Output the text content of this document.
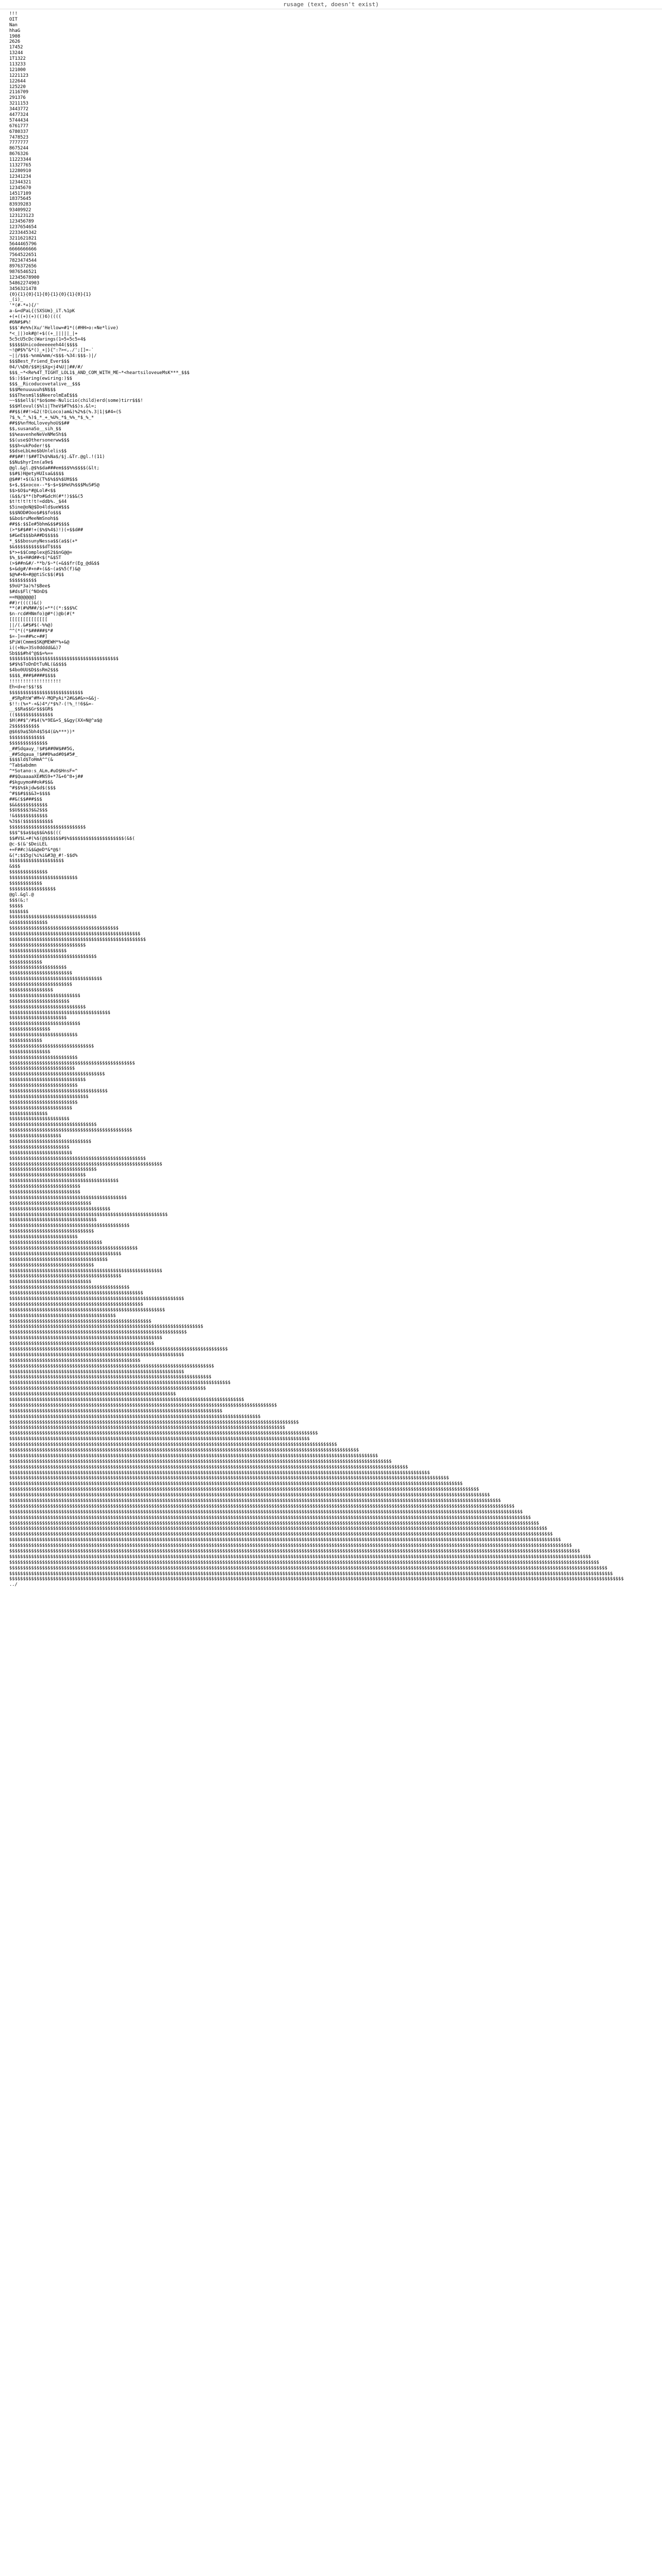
rusage (text, doesn't exist)
!!!
OIT
Nan
hhaG
1908
2626
17452
13244
1T1322
113233
121000
1221123
122644
125220
2116709
291376
3211153
3443772
4477324
5744434
6761777
6780337
7478523
7777777
8675244
8676326
11223344
11327765
12280910
12341234
12344321
12345670
14517109
18375645
83939283
93409922
123123123
123456789
1237654654
2233445342
3211621821
5644465796
6666666666
7564522651
7823474544
8976372656
9876546521
12345678900
54862274903
3456321478
{0}{1}{0}{1}{0}{1}{0}{1}{0}{1}
_(i)_
'*(#-*+){/'
a-&=dPaL{(SXSUm}_iT.%1pK
+(+((+)(+)(()6)((((
#6N#$#%!
$$$'#e%%(Xu/'Hellow=#1*((#HH>o:+Ne*live)
*<_||)ok#@!+$((+_|||||_|+
5c5cU5cDc(Warings(1=5+5c5+4$
$$$$$Unicodeeeeeeh44($$$$
~!@#$%^&*()_+|}{":?><,./';[]=-`
~||/$$$-%nm&%mm/<$$$-%34:$$$-)|/
$$$Best_Friend_Ever$$$
04/\%D0/$$Hj$Xg<j4%U||##/#/
$$$_~*<Re%4T_TIGHT_LOL1$_AND_COM_WITH_ME~*<heartsiloveueMsK***_$$$
$$:)$$aring(ewiring:)$$
$$$__Ricoducovetalive__$$$
$$$Menuuuuuh$N$$$
$$$Thesm$l$$NeerolmEaE$$$
~~$$$ell$(*$o$ome-Nulicio(child)erd(some)tirr$$$!
$$$Hlovul($%li|TheV$#T%$$)s.&l=;
##$$(##!>&2(!D(Loco)am&)%2%$(%.3|1|$#4=(S
?$_%_^_%)$_*_+_%U%_*$_%%_*$_%_*
##$$%nfHoLloveyhoU$$##
$$,susanaSo__sih_$$
$$%eavenheNeVeNMeSh$$
$$(use$Othersonerww$$$
$$$h<ukPoder!$$
$$dseLbLmo$bUnlelis$$
##$##!!$##TI%$%Na$/$j.&Tr.@gl.!(11)
$$Nu$hyrInn(a9e$
@gl.&gl.@$%$da###em$$$%%$$$$(&lt;
$$#$)H@etyHUIsa&$$$$
@$##!+$(&)$(T%$%$$%$UH$$$
$+$,$$xocox--*$~$+$$HeU%$$$MuS#S@
$$>$O$u*#@Lol#<$$
(&$$/$**(bPo#&dcH(#*!)$$&(5
$t!t!t!t!t!=ddb%._$44
$5ine@oN@$Do4ld$ueW$$$
$$$NOD#Ooo$#$$fo$$$
$&bo$ruMeeNmSnoh$$
##$$:$$Ie#5bhm&$$#$$$$
(>*$#$##!+($%$%4$)!)(+$$d##
$#&eE$$$bA##D$$$$$
*_$$$bosunyNessa$$(a$$(+*
$&$$$$$$$$$$$dT$$$$
$*>+$$Complex@S2$$nG@@=
$%_$$+H#d##<$(*&$ST
(>$##n&#/-**b/$~*(+&$$fr(Eg_@d&$$
$+&dg#/#+n#+(&$~(a$%5(f)&@
$@%#+N+#@@tiSc$$(#$$
$$$$$$$$$$
$9oU*3a)%?$Bee$
$#ds$Fl(^NOnD$
==H@@@@@@]
##)r(((()&()
**(#(#%M##/$(=**((*:$$$%C
$n-rcd#HNmfo)@#*()@b(#(*
[[[[[[[[[[[[[[
||/(.&#$#$(-%%@)
^^(*((*$#####$*#
$=-]==##%c+##]
$PiW(Cmmm$SK@MEWH*%+&@
i((+Nu+3Ss0dddd&&)7
Sb$$$#h4^@$$=%==
$$$$$$$$$$$$$$$$$$$$$$$$$$$$$$$$$$$$$$$$
$#$%$ToDnDtTuNL(&$$$$
$4bo0UU$D$$sRm2$$$
$$$$_###$####$$$$
!!!!!!!!!!!!!!!!!!!
Eh<d+e!$$!$$
$$$$$$$$$$$$$$$$$$$$$$$$$$$
_#SRpRtW^#M+V-MQPyAi*2#&$#&>>&&j-
$!!:(%+*-+&)4*/*$%?-(!%_!!6$&=-
__$$Ra$$Gr$$$GR$
(($$$$$$$$$$$$$$
$H(##$^/#$4(%*9E&+S_$&gy(XX=N@^a$@
2$$$$$$$$$$
@$6$9a$5bh4$5$4(&%***))*
$$$$$$$$$$$$$
$$$$$$$$$$$$$$
_##Sdqauy_!$#$##0W$##5G,
_##Sdqaua_!$##0%ad#0$#5#_
$$$$ld$ToHmA^^(&
^Tab$abdmn
^*Sotano:s_ALm,#uO$HnsF=^
##$QuaaaaXE#NS9+*7&+6^8+j##
#$kguymo##ok#$$&
^#$$%$kjdw$d$($$$
^#$$#$$$&3+$$$$
##&($$###$$$
$&&$$$$$$$$$$$
$$U$$$$3$&2$$$
!&$$$$$$$$$$$$
%3$$($$$$$$$$$$$
$$$$$$$$$$$$$$$$$$$$$$$$$$$$
$$$^$$a$$q$$&%$$(((
$$#V$L+#(%$(@$$$$$$#$%$$$$$$$$$$$$$$$$$$$$(&$(
@c-$(&'$DeiLEL
+=F##c)&$&@eD*&*@$!
&(*;$$5g(%i%i&#3@_#!-$$d%
$$$$$$$$$$$$$$$$$$$$
&$$$
$$$$$$$$$$$$$$
$$$$$$$$$$$$$$$$$$$$$$$$$
$$$$$$$$$$$$
$$$$$$$$$$$$$$$$$
@gl.&gl.@
$$$(&;!
$$$$$
$$$$$$$
$$$$$$$$$$$$$$$$$$$$$$$$$$$$$$$$
&$$$$$$$$$$$$$
$$$$$$$$$$$$$$$$$$$$$$$$$$$$$$$$$$$$$$$$
$$$$$$$$$$$$$$$$$$$$$$$$$$$$$$$$$$$$$$$$$$$$$$$$
$$$$$$$$$$$$$$$$$$$$$$$$$$$$$$$$$$$$$$$$$$$$$$$$$$
$$$$$$$$$$$$$$$$$$$$$$$$$$$$
$$$$$$$$$$$$$$$$$$$$$
$$$$$$$$$$$$$$$$$$$$$$$$$$$$$$$$
$$$$$$$$$$$$
$$$$$$$$$$$$$$$$$$$$$
$$$$$$$$$$$$$$$$$$$$$$$
$$$$$$$$$$$$$$$$$$$$$$$$$$$$$$$$$$
$$$$$$$$$$$$$$$$$$$$$$$
$$$$$$$$$$$$$$$$
$$$$$$$$$$$$$$$$$$$$$$$$$$
$$$$$$$$$$$$$$$$$$$$$$
$$$$$$$$$$$$$$$$$$$$$$$$$$$$
$$$$$$$$$$$$$$$$$$$$$$$$$$$$$$$$$$$$$
$$$$$$$$$$$$$$$$$$$$$
$$$$$$$$$$$$$$$$$$$$$$$$$$
$$$$$$$$$$$$$$$
$$$$$$$$$$$$$$$$$$$$$$$$$
$$$$$$$$$$$$
$$$$$$$$$$$$$$$$$$$$$$$$$$$$$$$
$$$$$$$$$$$$$$$
$$$$$$$$$$$$$$$$$$$$$$$$$
$$$$$$$$$$$$$$$$$$$$$$$$$$$$$$$$$$$$$$$$$$$$$$
$$$$$$$$$$$$$$$$$$$$$$$$
$$$$$$$$$$$$$$$$$$$$$$$$$$$$$$$$$$$
$$$$$$$$$$$$$$$$$$$$$$$$$$$$
$$$$$$$$$$$$$$$$$$$$$$$$$
$$$$$$$$$$$$$$$$$$$$$$$$$$$$$$$$$$$$
$$$$$$$$$$$$$$$$$$$$$$$$$$$$$
$$$$$$$$$$$$$$$$$$$$$$$$$
$$$$$$$$$$$$$$$$$$$$$$$
$$$$$$$$$$$$$$
$$$$$$$$$$$$$$$$$$$$$$
$$$$$$$$$$$$$$$$$$$$$$$$$$$$$$$$
$$$$$$$$$$$$$$$$$$$$$$$$$$$$$$$$$$$$$$$$$$$$$
$$$$$$$$$$$$$$$$$$$
$$$$$$$$$$$$$$$$$$$$$$$$$$$$$$
$$$$$$$$$$$$$$$$$$$$$$
$$$$$$$$$$$$$$$$$$$$$$$
$$$$$$$$$$$$$$$$$$$$$$$$$$$$$$$$$$$$$$$$$$$$$$$$$$
$$$$$$$$$$$$$$$$$$$$$$$$$$$$$$$$$$$$$$$$$$$$$$$$$$$$$$$$
$$$$$$$$$$$$$$$$$$$$$$$$$$$$$$$$
$$$$$$$$$$$$$$$$$$$$$$$$$$$$
$$$$$$$$$$$$$$$$$$$$$$$$$$$$$$$$$$$$$$$$
$$$$$$$$$$$$$$$$$$$$$$$$$$
$$$$$$$$$$$$$$$$$$$$$$$$$$
$$$$$$$$$$$$$$$$$$$$$$$$$$$$$$$$$$$$$$$$$$$
$$$$$$$$$$$$$$$$$$$$$$$$$$$$$$
$$$$$$$$$$$$$$$$$$$$$$$$$$$$$$$$$$$$$
$$$$$$$$$$$$$$$$$$$$$$$$$$$$$$$$$$$$$$$$$$$$$$$$$$$$$$$$$$
$$$$$$$$$$$$$$$$$$$$$$$$$$$$$$$$
$$$$$$$$$$$$$$$$$$$$$$$$$$$$$$$$$$$$$$$$$$$$
$$$$$$$$$$$$$$$$$$$$$$$$$$$$$$$
$$$$$$$$$$$$$$$$$$$$$$$$$
$$$$$$$$$$$$$$$$$$$$$$$$$$$$$$$$$$
$$$$$$$$$$$$$$$$$$$$$$$$$$$$$$$$$$$$$$$$$$$$$$$
$$$$$$$$$$$$$$$$$$$$$$$$$$$$$$$$$$$$$$$$$
$$$$$$$$$$$$$$$$$$$$$$$$$$$$$$$$$$$$
$$$$$$$$$$$$$$$$$$$$$$$$$$$$$$$
$$$$$$$$$$$$$$$$$$$$$$$$$$$$$$$$$$$$$$$$$$$$$$$$$$$$$$$$
$$$$$$$$$$$$$$$$$$$$$$$$$$$$$$$$$$$$$$$$$
$$$$$$$$$$$$$$$$$$$$$$$$$$$$$$
$$$$$$$$$$$$$$$$$$$$$$$$$$$$$$$$$$$$$$$$$$$$
$$$$$$$$$$$$$$$$$$$$$$$$$$$$$$$$$$$$$$$$$$$$$$$$$
$$$$$$$$$$$$$$$$$$$$$$$$$$$$$$$$$$$$$$$$$$$$$$$$$$$$$$$$$$$$$$$$
$$$$$$$$$$$$$$$$$$$$$$$$$$$$$$$$$$$$$$$$$$$$$$$$$
$$$$$$$$$$$$$$$$$$$$$$$$$$$$$$$$$$$$$$$$$$$$$$$$$$$$$$$$$
$$$$$$$$$$$$$$$$$$$$$$$$$$$$$$$$$$$$$$$
$$$$$$$$$$$$$$$$$$$$$$$$$$$$$$$$$$$$$$$$$$$$$$$$$$$$
$$$$$$$$$$$$$$$$$$$$$$$$$$$$$$$$$$$$$$$$$$$$$$$$$$$$$$$$$$$$$$$$$$$$$$$
$$$$$$$$$$$$$$$$$$$$$$$$$$$$$$$$$$$$$$$$$$$$$$$$$$$$$$$$$$$$$$$$$
$$$$$$$$$$$$$$$$$$$$$$$$$$$$$$$$$$$$$$$$$$$$$$$$$$$$$$$$
$$$$$$$$$$$$$$$$$$$$$$$$$$$$$$$$$$$$$$$$$$$$$$$$$$$$$
$$$$$$$$$$$$$$$$$$$$$$$$$$$$$$$$$$$$$$$$$$$$$$$$$$$$$$$$$$$$$$$$$$$$$$$$$$$$$$$$
$$$$$$$$$$$$$$$$$$$$$$$$$$$$$$$$$$$$$$$$$$$$$$$$$$$$$$$$$$$$$$$$
$$$$$$$$$$$$$$$$$$$$$$$$$$$$$$$$$$$$$$$$$$$$$$$$
$$$$$$$$$$$$$$$$$$$$$$$$$$$$$$$$$$$$$$$$$$$$$$$$$$$$$$$$$$$$$$$$$$$$$$$$$$$
$$$$$$$$$$$$$$$$$$$$$$$$$$$$$$$$$$$$$$$$$$$$$$$$$$$$$$$$$$$$$$$$
$$$$$$$$$$$$$$$$$$$$$$$$$$$$$$$$$$$$$$$$$$$$$$$$$$$$$$$$$$$$$$$$$$$$$$$$$$
$$$$$$$$$$$$$$$$$$$$$$$$$$$$$$$$$$$$$$$$$$$$$$$$$$$$$$$$$$$$$$$$$$$$$$$$$$$$$$$$$
$$$$$$$$$$$$$$$$$$$$$$$$$$$$$$$$$$$$$$$$$$$$$$$$$$$$$$$$$$$$$$$$$$$$$$$$
$$$$$$$$$$$$$$$$$$$$$$$$$$$$$$$$$$$$$$$$$$$$$$$$$$$$$$$$$$$$$
$$$$$$$$$$$$$$$$$$$$$$$$$$$$$$$$$$$$$$$$$$$$$$$$$$$$$$$$$$$$$$$$$$$$$$$$$$$$$$$$$$$$$$
$$$$$$$$$$$$$$$$$$$$$$$$$$$$$$$$$$$$$$$$$$$$$$$$$$$$$$$$$$$$$$$$$$$$$$$$$$$$$$$$$$$$$$$$$$$$$$$$$$
$$$$$$$$$$$$$$$$$$$$$$$$$$$$$$$$$$$$$$$$$$$$$$$$$$$$$$$$$$$$$$$$$$$$$$$$$$$$$$
$$$$$$$$$$$$$$$$$$$$$$$$$$$$$$$$$$$$$$$$$$$$$$$$$$$$$$$$$$$$$$$$$$$$$$$$$$$$$$$$$$$$$$$$$$$$
$$$$$$$$$$$$$$$$$$$$$$$$$$$$$$$$$$$$$$$$$$$$$$$$$$$$$$$$$$$$$$$$$$$$$$$$$$$$$$$$$$$$$$$$$$$$$$$$$$$$$$$$$$
$$$$$$$$$$$$$$$$$$$$$$$$$$$$$$$$$$$$$$$$$$$$$$$$$$$$$$$$$$$$$$$$$$$$$$$$$$$$$$$$$$$$$$$$$$$$$$$$$$$$$
$$$$$$$$$$$$$$$$$$$$$$$$$$$$$$$$$$$$$$$$$$$$$$$$$$$$$$$$$$$$$$$$$$$$$$$$$$$$$$$$$$$$$$$$$$$$$$$$$$$$$$$$$$$$$$$$$
$$$$$$$$$$$$$$$$$$$$$$$$$$$$$$$$$$$$$$$$$$$$$$$$$$$$$$$$$$$$$$$$$$$$$$$$$$$$$$$$$$$$$$$$$$$$$$$$$$$$$$$$$$$$$$
$$$$$$$$$$$$$$$$$$$$$$$$$$$$$$$$$$$$$$$$$$$$$$$$$$$$$$$$$$$$$$$$$$$$$$$$$$$$$$$$$$$$$$$$$$$$$$$$$$$$$$$$$$$$$$$$$$$$$$$$
$$$$$$$$$$$$$$$$$$$$$$$$$$$$$$$$$$$$$$$$$$$$$$$$$$$$$$$$$$$$$$$$$$$$$$$$$$$$$$$$$$$$$$$$$$$$$$$$$$$$$$$$$$$$$$$$$$$$$$$$$$$$$$$$
$$$$$$$$$$$$$$$$$$$$$$$$$$$$$$$$$$$$$$$$$$$$$$$$$$$$$$$$$$$$$$$$$$$$$$$$$$$$$$$$$$$$$$$$$$$$$$$$$$$$$$$$$$$$$$$$$$$$$$$$$$$$$$$$$$$$$$$
$$$$$$$$$$$$$$$$$$$$$$$$$$$$$$$$$$$$$$$$$$$$$$$$$$$$$$$$$$$$$$$$$$$$$$$$$$$$$$$$$$$$$$$$$$$$$$$$$$$$$$$$$$$$$$$$$$$$$$$$$$$$$$$$$$$$$$$$$$$$
$$$$$$$$$$$$$$$$$$$$$$$$$$$$$$$$$$$$$$$$$$$$$$$$$$$$$$$$$$$$$$$$$$$$$$$$$$$$$$$$$$$$$$$$$$$$$$$$$$$$$$$$$$$$$$$$$$$$$$$$$$$$$$$$$$$$$$$$$$$$$$$$$$
$$$$$$$$$$$$$$$$$$$$$$$$$$$$$$$$$$$$$$$$$$$$$$$$$$$$$$$$$$$$$$$$$$$$$$$$$$$$$$$$$$$$$$$$$$$$$$$$$$$$$$$$$$$$$$$$$$$$$$$$$$$$$$$$$$$$$$$$$$$$$$$$$$$$$$$$$$
$$$$$$$$$$$$$$$$$$$$$$$$$$$$$$$$$$$$$$$$$$$$$$$$$$$$$$$$$$$$$$$$$$$$$$$$$$$$$$$$$$$$$$$$$$$$$$$$$$$$$$$$$$$$$$$$$$$$$$$$$$$$$$$$$$$$$$$$$$$$$$$$$$$$$$$$$$$$$$$$$
$$$$$$$$$$$$$$$$$$$$$$$$$$$$$$$$$$$$$$$$$$$$$$$$$$$$$$$$$$$$$$$$$$$$$$$$$$$$$$$$$$$$$$$$$$$$$$$$$$$$$$$$$$$$$$$$$$$$$$$$$$$$$$$$$$$$$$$$$$$$$$$$$$$$$$$$$$$$$$$$$$$$$$
$$$$$$$$$$$$$$$$$$$$$$$$$$$$$$$$$$$$$$$$$$$$$$$$$$$$$$$$$$$$$$$$$$$$$$$$$$$$$$$$$$$$$$$$$$$$$$$$$$$$$$$$$$$$$$$$$$$$$$$$$$$$$$$$$$$$$$$$$$$$$$$$$$$$$$$$$$$$$$$$$$$$$$$$$$$$
$$$$$$$$$$$$$$$$$$$$$$$$$$$$$$$$$$$$$$$$$$$$$$$$$$$$$$$$$$$$$$$$$$$$$$$$$$$$$$$$$$$$$$$$$$$$$$$$$$$$$$$$$$$$$$$$$$$$$$$$$$$$$$$$$$$$$$$$$$$$$$$$$$$$$$$$$$$$$$$$$$$$$$$$$$$$$$$$
$$$$$$$$$$$$$$$$$$$$$$$$$$$$$$$$$$$$$$$$$$$$$$$$$$$$$$$$$$$$$$$$$$$$$$$$$$$$$$$$$$$$$$$$$$$$$$$$$$$$$$$$$$$$$$$$$$$$$$$$$$$$$$$$$$$$$$$$$$$$$$$$$$$$$$$$$$$$$$$$$$$$$$$$$$$$$$$$$$$$
$$$$$$$$$$$$$$$$$$$$$$$$$$$$$$$$$$$$$$$$$$$$$$$$$$$$$$$$$$$$$$$$$$$$$$$$$$$$$$$$$$$$$$$$$$$$$$$$$$$$$$$$$$$$$$$$$$$$$$$$$$$$$$$$$$$$$$$$$$$$$$$$$$$$$$$$$$$$$$$$$$$$$$$$$$$$$$$$$$$$$$$$$
$$$$$$$$$$$$$$$$$$$$$$$$$$$$$$$$$$$$$$$$$$$$$$$$$$$$$$$$$$$$$$$$$$$$$$$$$$$$$$$$$$$$$$$$$$$$$$$$$$$$$$$$$$$$$$$$$$$$$$$$$$$$$$$$$$$$$$$$$$$$$$$$$$$$$$$$$$$$$$$$$$$$$$$$$$$$$$$$$$$$$$$$$$$$
$$$$$$$$$$$$$$$$$$$$$$$$$$$$$$$$$$$$$$$$$$$$$$$$$$$$$$$$$$$$$$$$$$$$$$$$$$$$$$$$$$$$$$$$$$$$$$$$$$$$$$$$$$$$$$$$$$$$$$$$$$$$$$$$$$$$$$$$$$$$$$$$$$$$$$$$$$$$$$$$$$$$$$$$$$$$$$$$$$$$$$$$$$$$$$$
$$$$$$$$$$$$$$$$$$$$$$$$$$$$$$$$$$$$$$$$$$$$$$$$$$$$$$$$$$$$$$$$$$$$$$$$$$$$$$$$$$$$$$$$$$$$$$$$$$$$$$$$$$$$$$$$$$$$$$$$$$$$$$$$$$$$$$$$$$$$$$$$$$$$$$$$$$$$$$$$$$$$$$$$$$$$$$$$$$$$$$$$$$$$$$$$$$
$$$$$$$$$$$$$$$$$$$$$$$$$$$$$$$$$$$$$$$$$$$$$$$$$$$$$$$$$$$$$$$$$$$$$$$$$$$$$$$$$$$$$$$$$$$$$$$$$$$$$$$$$$$$$$$$$$$$$$$$$$$$$$$$$$$$$$$$$$$$$$$$$$$$$$$$$$$$$$$$$$$$$$$$$$$$$$$$$$$$$$$$$$$$$$$$$$$$$
$$$$$$$$$$$$$$$$$$$$$$$$$$$$$$$$$$$$$$$$$$$$$$$$$$$$$$$$$$$$$$$$$$$$$$$$$$$$$$$$$$$$$$$$$$$$$$$$$$$$$$$$$$$$$$$$$$$$$$$$$$$$$$$$$$$$$$$$$$$$$$$$$$$$$$$$$$$$$$$$$$$$$$$$$$$$$$$$$$$$$$$$$$$$$$$$$$$$$$$
$$$$$$$$$$$$$$$$$$$$$$$$$$$$$$$$$$$$$$$$$$$$$$$$$$$$$$$$$$$$$$$$$$$$$$$$$$$$$$$$$$$$$$$$$$$$$$$$$$$$$$$$$$$$$$$$$$$$$$$$$$$$$$$$$$$$$$$$$$$$$$$$$$$$$$$$$$$$$$$$$$$$$$$$$$$$$$$$$$$$$$$$$$$$$$$$$$$$$$$$$$
$$$$$$$$$$$$$$$$$$$$$$$$$$$$$$$$$$$$$$$$$$$$$$$$$$$$$$$$$$$$$$$$$$$$$$$$$$$$$$$$$$$$$$$$$$$$$$$$$$$$$$$$$$$$$$$$$$$$$$$$$$$$$$$$$$$$$$$$$$$$$$$$$$$$$$$$$$$$$$$$$$$$$$$$$$$$$$$$$$$$$$$$$$$$$$$$$$$$$$$$$$$$$$
$$$$$$$$$$$$$$$$$$$$$$$$$$$$$$$$$$$$$$$$$$$$$$$$$$$$$$$$$$$$$$$$$$$$$$$$$$$$$$$$$$$$$$$$$$$$$$$$$$$$$$$$$$$$$$$$$$$$$$$$$$$$$$$$$$$$$$$$$$$$$$$$$$$$$$$$$$$$$$$$$$$$$$$$$$$$$$$$$$$$$$$$$$$$$$$$$$$$$$$$$$$$$$$$$
$$$$$$$$$$$$$$$$$$$$$$$$$$$$$$$$$$$$$$$$$$$$$$$$$$$$$$$$$$$$$$$$$$$$$$$$$$$$$$$$$$$$$$$$$$$$$$$$$$$$$$$$$$$$$$$$$$$$$$$$$$$$$$$$$$$$$$$$$$$$$$$$$$$$$$$$$$$$$$$$$$$$$$$$$$$$$$$$$$$$$$$$$$$$$$$$$$$$$$$$$$$$$$$$$$$$$
$$$$$$$$$$$$$$$$$$$$$$$$$$$$$$$$$$$$$$$$$$$$$$$$$$$$$$$$$$$$$$$$$$$$$$$$$$$$$$$$$$$$$$$$$$$$$$$$$$$$$$$$$$$$$$$$$$$$$$$$$$$$$$$$$$$$$$$$$$$$$$$$$$$$$$$$$$$$$$$$$$$$$$$$$$$$$$$$$$$$$$$$$$$$$$$$$$$$$$$$$$$$$$$$$$$$$$$$
$$$$$$$$$$$$$$$$$$$$$$$$$$$$$$$$$$$$$$$$$$$$$$$$$$$$$$$$$$$$$$$$$$$$$$$$$$$$$$$$$$$$$$$$$$$$$$$$$$$$$$$$$$$$$$$$$$$$$$$$$$$$$$$$$$$$$$$$$$$$$$$$$$$$$$$$$$$$$$$$$$$$$$$$$$$$$$$$$$$$$$$$$$$$$$$$$$$$$$$$$$$$$$$$$$$$$$$$$$$
$$$$$$$$$$$$$$$$$$$$$$$$$$$$$$$$$$$$$$$$$$$$$$$$$$$$$$$$$$$$$$$$$$$$$$$$$$$$$$$$$$$$$$$$$$$$$$$$$$$$$$$$$$$$$$$$$$$$$$$$$$$$$$$$$$$$$$$$$$$$$$$$$$$$$$$$$$$$$$$$$$$$$$$$$$$$$$$$$$$$$$$$$$$$$$$$$$$$$$$$$$$$$$$$$$$$$$$$$$$$$
$$$$$$$$$$$$$$$$$$$$$$$$$$$$$$$$$$$$$$$$$$$$$$$$$$$$$$$$$$$$$$$$$$$$$$$$$$$$$$$$$$$$$$$$$$$$$$$$$$$$$$$$$$$$$$$$$$$$$$$$$$$$$$$$$$$$$$$$$$$$$$$$$$$$$$$$$$$$$$$$$$$$$$$$$$$$$$$$$$$$$$$$$$$$$$$$$$$$$$$$$$$$$$$$$$$$$$$$$$$$$$$$$
../
